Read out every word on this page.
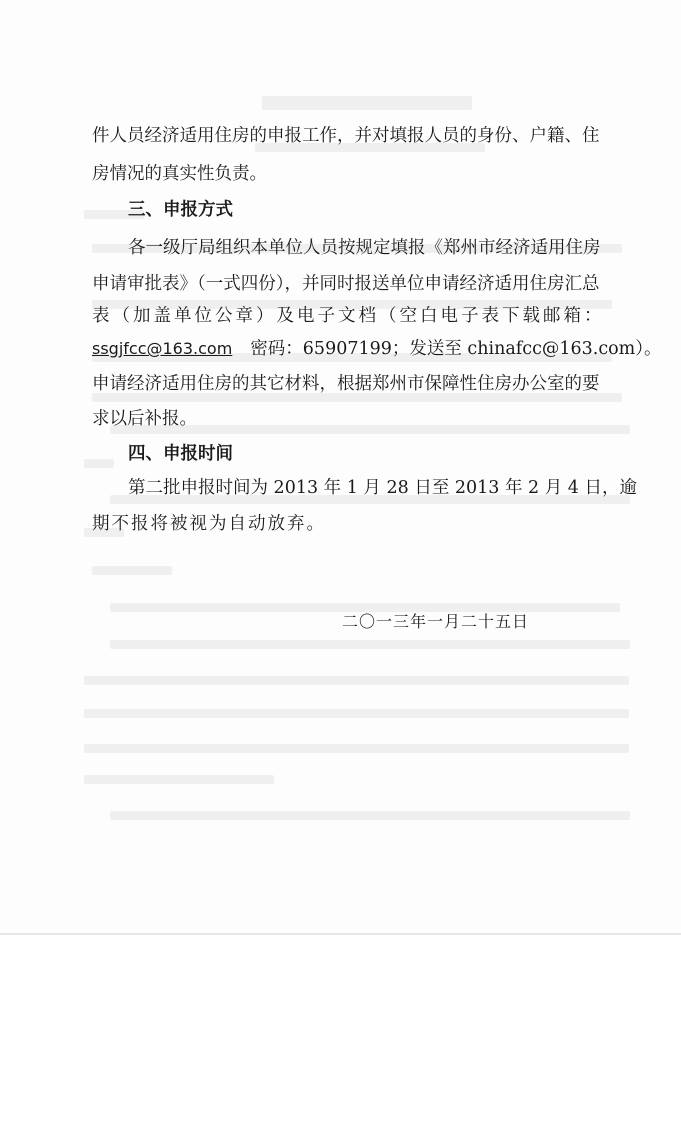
件人员经济适用住房的申报工作，并对填报人员的身份、户籍、住
房情况的真实性负责。
三、申报方式
各一级厅局组织本单位人员按规定填报《郑州市经济适用住房
申请审批表》（一式四份），并同时报送单位申请经济适用住房汇总
表（加盖单位公章）及电子文档（空白电子表下载邮箱：
ssgjfcc@163.com 密码：65907199；发送至 chinafcc@163.com）。
申请经济适用住房的其它材料，根据郑州市保障性住房办公室的要
求以后补报。
四、申报时间
第二批申报时间为 2013 年 1 月 28 日至 2013 年 2 月 4 日，逾
期不报将被视为自动放弃。
二〇一三年一月二十五日
